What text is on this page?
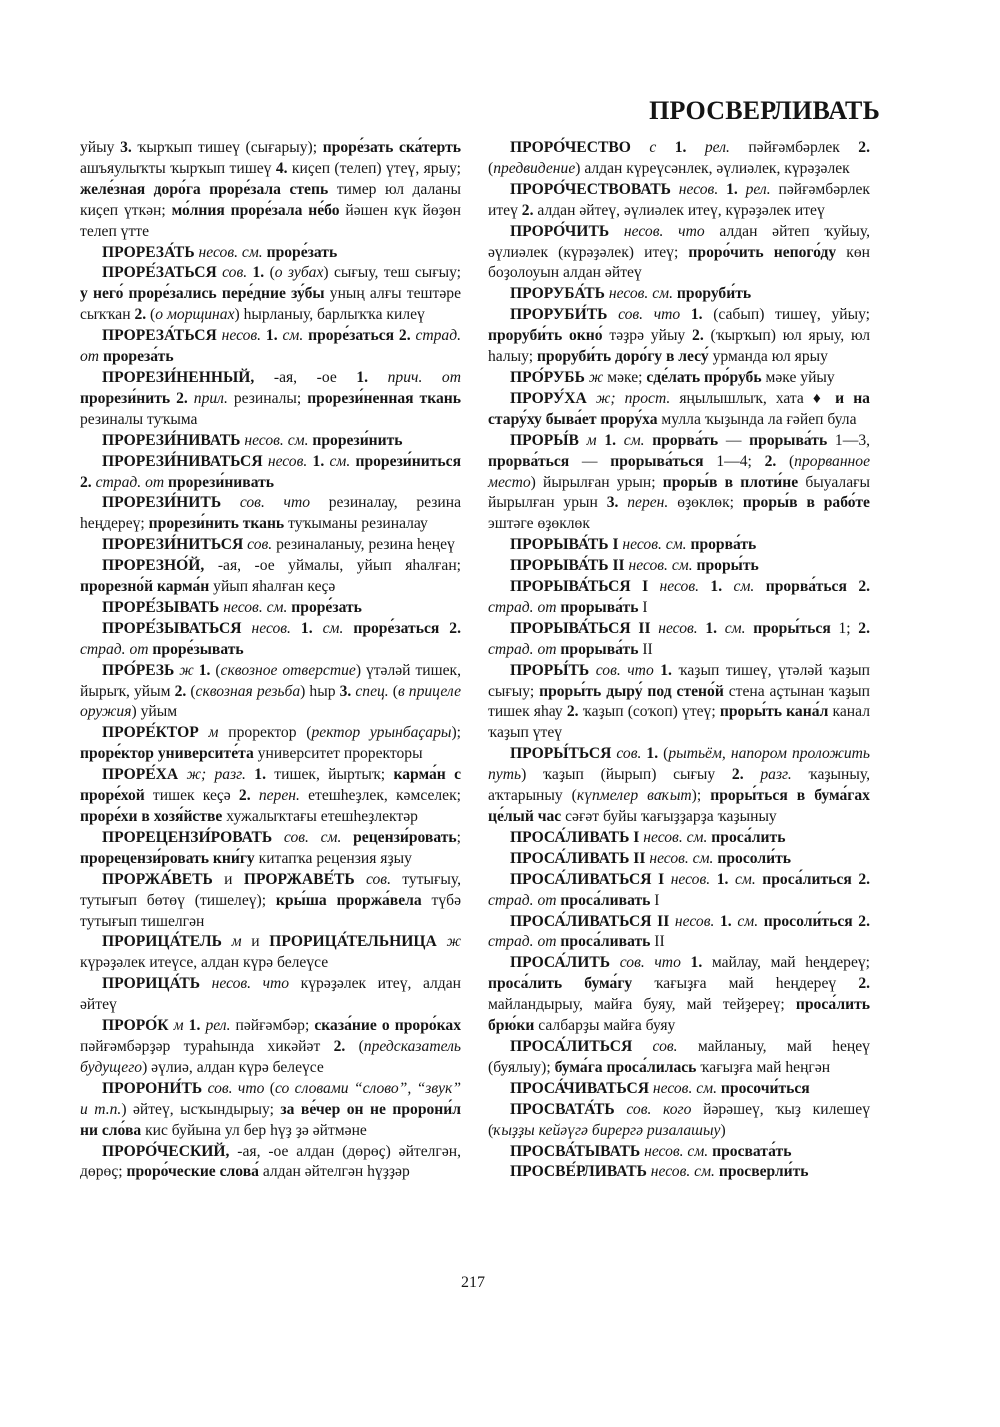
ПРОСВЕРЛИВАТЬ

уйыу 3. ҡырҡып тишеү (сығарыу); проре́зать ска́терть ашъяулыҡты ҡырҡып тишеү 4. киҫеп (телеп) үтеү, ярыу; желе́зная доро́га проре́зала степь тимер юл даланы киҫеп үткән; мо́лния проре́зала не́бо йәшен күк йөҙөн телеп үтте

ПРОРЕЗА́ТЬ несов. см. проре́зать

ПРОРЕ́ЗАТЬСЯ сов. 1. (о зубах) сығыу, теш сығыу; у него́ проре́зались пере́дние зу́бы уның алғы тештәре сыҡҡан 2. (о морщинах) һырланыу, барлыҡҡа килеү

ПРОРЕЗА́ТЬСЯ несов. 1. см. проре́заться 2. страд. от прореза́ть

ПРОРЕЗИ́НЕННЫЙ, -ая, -ое 1. прич. от прорези́нить 2. прил. резиналы; прорези́ненная ткань резиналы туҡыма

ПРОРЕЗИ́НИВАТЬ несов. см. прорези́нить

ПРОРЕЗИ́НИВАТЬСЯ несов. 1. см. прорези́ниться 2. страд. от прорези́нивать

ПРОРЕЗИ́НИТЬ сов. что резиналау, резина һеңдереү; прорези́нить ткань туҡыманы резиналау

ПРОРЕЗИ́НИТЬСЯ сов. резиналаныу, резина һеңеү

ПРОРЕЗНО́Й, -ая, -ое уймалы, уйып яһалған; прорезно́й карма́н уйып яһалған кеҫә

ПРОРЕ́ЗЫВАТЬ несов. см. проре́зать

ПРОРЕ́ЗЫВАТЬСЯ несов. 1. см. проре́заться 2. страд. от проре́зывать

ПРО́РЕЗЬ ж 1. (сквозное отверстие) үтәләй тишек, йырыҡ, уйым 2. (сквозная резьба) һыр 3. спец. (в прицеле оружия) уйым

ПРОРЕ́КТОР м проректор (ректор урынбаҫары); проре́ктор университе́та университет проректоры

ПРОРЕ́ХА ж; разг. 1. тишек, йыртыҡ; карма́н с проре́хой тишек кеҫә 2. перен. етешһеҙлек, кәмселек; проре́хи в хозя́йстве хужалыҡтағы етешһеҙлектәр

ПРОРЕЦЕНЗИ́РОВАТЬ сов. см. рецензи́ровать; прорецензи́ровать кни́гу китапҡа рецензия яҙыу

ПРОРЖА́ВЕТЬ и ПРОРЖАВЕ́ТЬ сов. тутығыу, тутығып бөтөү (тишелеү); кры́ша прoржа́вела түбә тутығып тишелгән

ПРОРИЦА́ТЕЛЬ м и ПРОРИЦА́ТЕЛЬНИЦА ж күрәҙәлек итеүсе, алдан күрә белеүсе

ПРОРИЦА́ТЬ несов. что күрәҙәлек итеү, алдан әйтеү

ПРОРО́К м 1. рел. пәйғәмбәр; сказа́ние о проро́ках пәйғәмбәрҙәр тураһында хикәйәт 2. (предсказатель будущего) әүлиә, алдан күрә белеүсе

ПРОРОНИ́ТЬ сов. что (со словами “слово”, “звук” и т.п.) әйтеү, ысҡындырыу; за ве́чер он не пророни́л ни сло́ва кис буйына ул бер һүҙ ҙә әйтмәне

ПРОРО́ЧЕСКИЙ, -ая, -ое алдан (дөрөҫ) әйтелгән, дөрөҫ; проро́ческие слова́ алдан әйтелгән һүҙҙәр

ПРОРО́ЧЕСТВО с 1. рел. пәйғәмбәрлек 2. (предвидение) алдан күреүсәнлек, әүлиәлек, күрәҙәлек

ПРОРО́ЧЕСТВОВАТЬ несов. 1. рел. пәйғәмбәрлек итеү 2. алдан әйтеү, әүлиәлек итеү, күрәҙәлек итеү

ПРОРО́ЧИТЬ несов. что алдан әйтеп ҡуйыу, әүлиәлек (күрәҙәлек) итеү; проро́чить непого́ду көн боҙолоуын алдан әйтеү

ПРОРУБА́ТЬ несов. см. прoруби́ть

ПРОРУБИ́ТЬ сов. что 1. (сабып) тишеү, уйыу; проруби́ть окно́ тәҙрә уйыу 2. (ҡырҡып) юл ярыу, юл һалыу; проруби́ть доро́гу в лесу́ урманда юл ярыу

ПРО́РУБЬ ж мәке; сде́лать про́рубь мәке уйыу

ПРОРУ́ХА ж; прост. яңылышлыҡ, хата ♦ и на стару́ху быва́ет прору́ха мулла ҡыҙында ла ғәйеп була

ПРОРЫ́В м 1. см. прорва́ть — прорыва́ть 1—3, прорва́ться — прорыва́ться 1—4; 2. (прорванное место) йырылған урын; проры́в в плоти́не быуалағы йырылған урын 3. перен. өҙөклөк; проры́в в рабо́те эштәге өҙөклөк

ПРОРЫВА́ТЬ I несов. см. прорва́ть

ПРОРЫВА́ТЬ II несов. см. проры́ть

ПРОРЫВА́ТЬСЯ I несов. 1. см. прорва́ться 2. страд. от прорыва́ть I

ПРОРЫВА́ТЬСЯ II несов. 1. см. проры́ться 1; 2. страд. от прорыва́ть II

ПРОРЫ́ТЬ сов. что 1. ҡаҙып тишеү, үтәләй ҡаҙып сығыу; проры́ть дыру́ под стено́й стена аҫтынан ҡаҙып тишек яһау 2. ҡаҙып (соҡоп) үтеү; проры́ть кана́л канал ҡаҙып үтеү

ПРОРЫ́ТЬСЯ сов. 1. (рытьём, напором проложить путь) ҡаҙып (йырып) сығыу 2. разг. ҡаҙыныу, аҡтарыныу (күпмелер ваҡыт); проры́ться в бума́гах це́лый час сәғәт буйы ҡағыҙҙарҙа ҡаҙыныу

ПРОСА́ЛИВАТЬ I несов. см. проса́лить

ПРОСА́ЛИВАТЬ II несов. см. просоли́ть

ПРОСА́ЛИВАТЬСЯ I несов. 1. см. проса́литься 2. страд. от проса́ливать I

ПРОСА́ЛИВАТЬСЯ II несов. 1. см. просоли́ться 2. страд. от проса́ливать II

ПРОСА́ЛИТЬ сов. что 1. майлау, май һеңдереү; проса́лить бума́гу ҡағыҙға май һеңдереү 2. майландырыу, майға буяу, май тейҙереү; проса́лить брю́ки салбарҙы майға буяу

ПРОСА́ЛИТЬСЯ сов. майланыу, май һеңеү (буялыу); бума́га проса́лилась ҡағыҙға май һеңгән

ПРОСА́ЧИВАТЬСЯ несов. см. просочи́ться

ПРОСВАТА́ТЬ сов. кого йәрәшеү, ҡыҙ килешеү (ҡыҙҙы кейәүгә бирергә ризалашыу)

ПРОСВА́ТЫВАТЬ несов. см. просвата́ть

ПРОСВЕ́РЛИВАТЬ несов. см. просверли́ть

217
